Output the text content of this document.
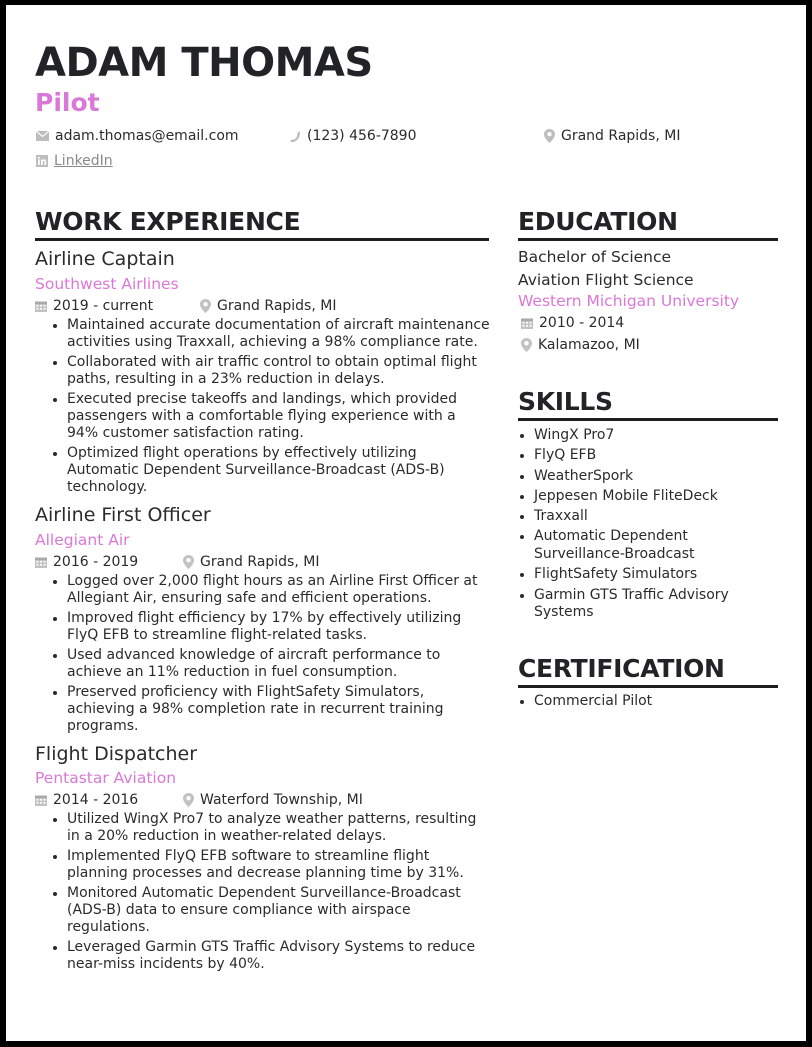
ADAM THOMAS
Pilot
adam.thomas@email.com	(123) 456-7890	Grand Rapids, MI
LinkedIn
WORK EXPERIENCE
Airline Captain
Southwest Airlines
2019 - current	Grand Rapids, MI
Maintained accurate documentation of aircraft maintenance activities using Traxxall, achieving a 98% compliance rate.
Collaborated with air traffic control to obtain optimal flight paths, resulting in a 23% reduction in delays.
Executed precise takeoffs and landings, which provided passengers with a comfortable flying experience with a 94% customer satisfaction rating.
Optimized flight operations by effectively utilizing Automatic Dependent Surveillance-Broadcast (ADS-B) technology.
Airline First Officer
Allegiant Air
2016 - 2019	Grand Rapids, MI
Logged over 2,000 flight hours as an Airline First Officer at Allegiant Air, ensuring safe and efficient operations.
Improved flight efficiency by 17% by effectively utilizing FlyQ EFB to streamline flight-related tasks.
Used advanced knowledge of aircraft performance to achieve an 11% reduction in fuel consumption.
Preserved proficiency with FlightSafety Simulators, achieving a 98% completion rate in recurrent training programs.
Flight Dispatcher
Pentastar Aviation
2014 - 2016	Waterford Township, MI
Utilized WingX Pro7 to analyze weather patterns, resulting in a 20% reduction in weather-related delays.
Implemented FlyQ EFB software to streamline flight planning processes and decrease planning time by 31%.
Monitored Automatic Dependent Surveillance-Broadcast (ADS-B) data to ensure compliance with airspace regulations.
Leveraged Garmin GTS Traffic Advisory Systems to reduce near-miss incidents by 40%.
EDUCATION
Bachelor of Science
Aviation Flight Science
Western Michigan University
2010 - 2014
Kalamazoo, MI
SKILLS
WingX Pro7
FlyQ EFB
WeatherSpork
Jeppesen Mobile FliteDeck
Traxxall
Automatic Dependent Surveillance-Broadcast
FlightSafety Simulators
Garmin GTS Traffic Advisory Systems
CERTIFICATION
Commercial Pilot
